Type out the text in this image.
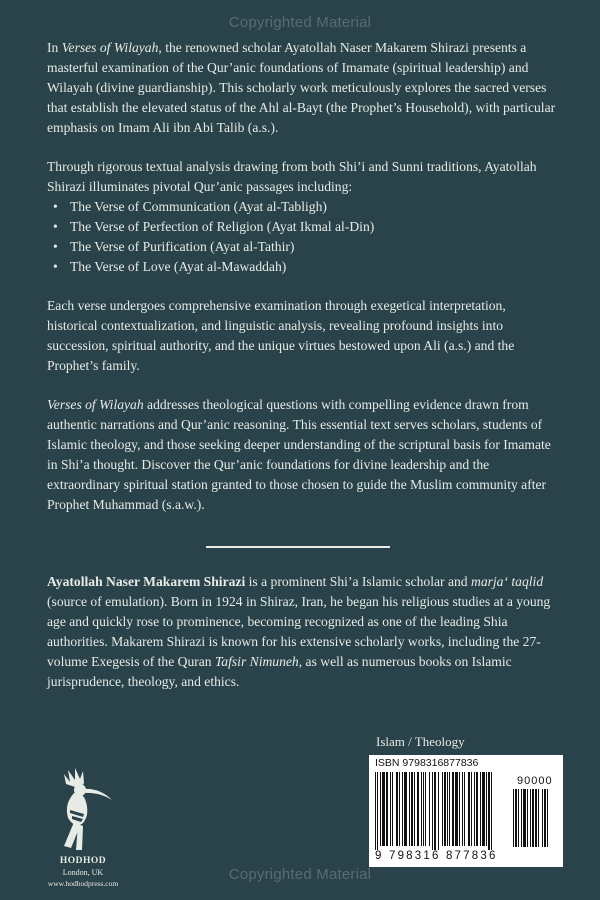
Copyrighted Material

In Verses of Wilayah, the renowned scholar Ayatollah Naser Makarem Shirazi presents a masterful examination of the Qur’anic foundations of Imamate (spiritual leadership) and Wilayah (divine guardianship). This scholarly work meticulously explores the sacred verses that establish the elevated status of the Ahl al-Bayt (the Prophet’s Household), with particular emphasis on Imam Ali ibn Abi Talib (a.s.).

Through rigorous textual analysis drawing from both Shi’i and Sunni traditions, Ayatollah Shirazi illuminates pivotal Qur’anic passages including:

• The Verse of Communication (Ayat al-Tabligh)
• The Verse of Perfection of Religion (Ayat Ikmal al-Din)
• The Verse of Purification (Ayat al-Tathir)
• The Verse of Love (Ayat al-Mawaddah)

Each verse undergoes comprehensive examination through exegetical interpretation, historical contextualization, and linguistic analysis, revealing profound insights into succession, spiritual authority, and the unique virtues bestowed upon Ali (a.s.) and the Prophet’s family.

Verses of Wilayah addresses theological questions with compelling evidence drawn from authentic narrations and Qur’anic reasoning. This essential text serves scholars, students of Islamic theology, and those seeking deeper understanding of the scriptural basis for Imamate in Shi’a thought. Discover the Qur’anic foundations for divine leadership and the extraordinary spiritual station granted to those chosen to guide the Muslim community after Prophet Muhammad (s.a.w.).

Ayatollah Naser Makarem Shirazi is a prominent Shi’a Islamic scholar and marja‘ taqlid (source of emulation). Born in 1924 in Shiraz, Iran, he began his religious studies at a young age and quickly rose to prominence, becoming recognized as one of the leading Shia authorities. Makarem Shirazi is known for his extensive scholarly works, including the 27-volume Exegesis of the Quran Tafsir Nimuneh, as well as numerous books on Islamic jurisprudence, theology, and ethics.

Islam / Theology
HODHOD
London, UK
www.hodhodpress.com
ISBN 9798316877836
90000
9 798316 877836
Copyrighted Material
